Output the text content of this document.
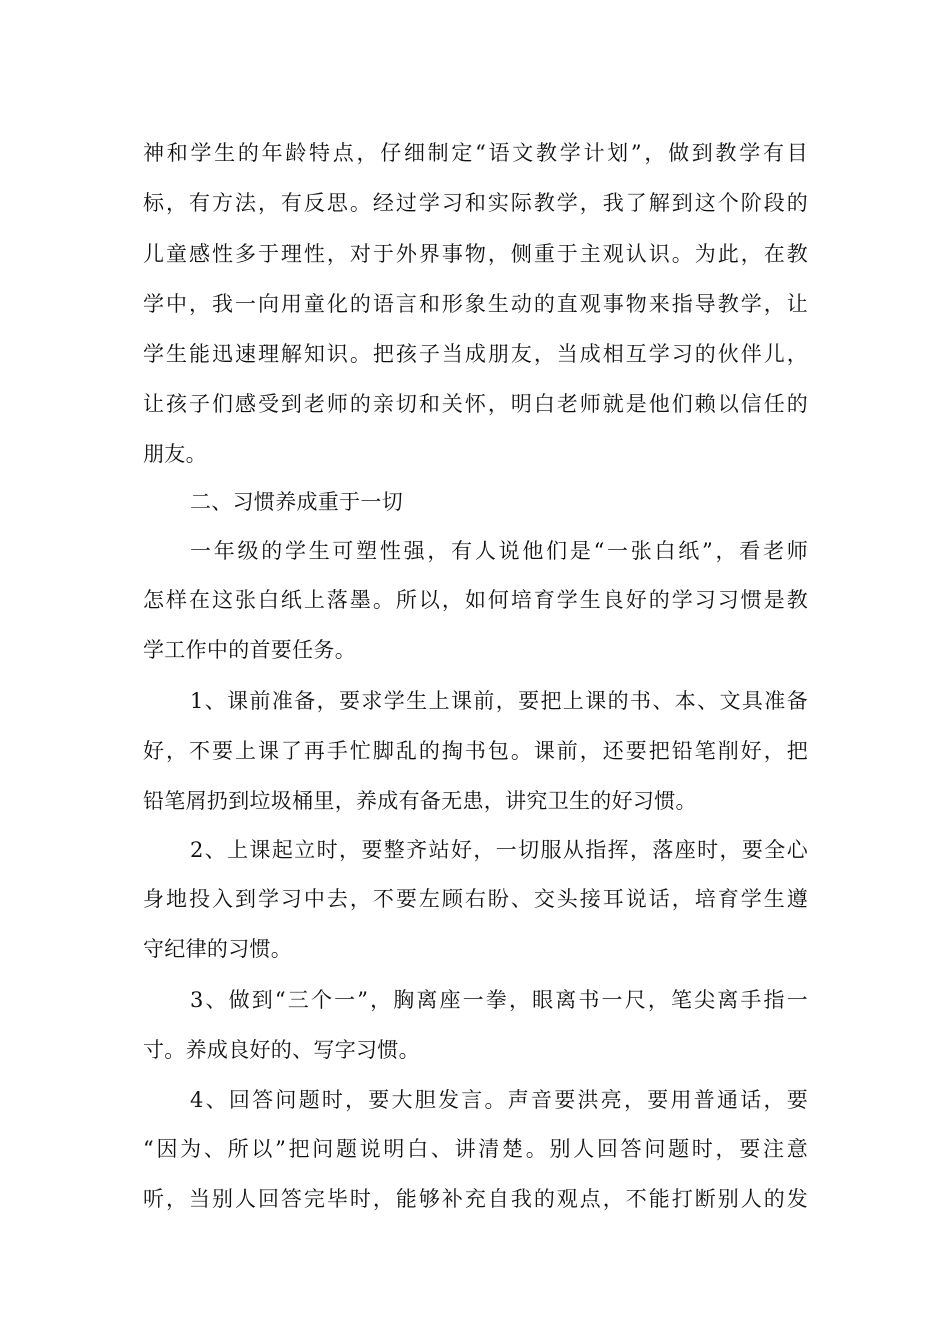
神和学生的年龄特点，仔细制定“语文教学计划”，做到教学有目
标，有方法，有反思。经过学习和实际教学，我了解到这个阶段的
儿童感性多于理性，对于外界事物，侧重于主观认识。为此，在教
学中，我一向用童化的语言和形象生动的直观事物来指导教学，让
学生能迅速理解知识。把孩子当成朋友，当成相互学习的伙伴儿，
让孩子们感受到老师的亲切和关怀，明白老师就是他们赖以信任的
朋友。
二、习惯养成重于一切
一年级的学生可塑性强，有人说他们是“一张白纸”，看老师
怎样在这张白纸上落墨。所以，如何培育学生良好的学习习惯是教
学工作中的首要任务。
1、课前准备，要求学生上课前，要把上课的书、本、文具准备
好，不要上课了再手忙脚乱的掏书包。课前，还要把铅笔削好，把
铅笔屑扔到垃圾桶里，养成有备无患，讲究卫生的好习惯。
2、上课起立时，要整齐站好，一切服从指挥，落座时，要全心
身地投入到学习中去，不要左顾右盼、交头接耳说话，培育学生遵
守纪律的习惯。
3、做到“三个一”，胸离座一拳，眼离书一尺，笔尖离手指一
寸。养成良好的、写字习惯。
4、回答问题时，要大胆发言。声音要洪亮，要用普通话，要
“因为、所以”把问题说明白、讲清楚。别人回答问题时，要注意
听，当别人回答完毕时，能够补充自我的观点，不能打断别人的发
